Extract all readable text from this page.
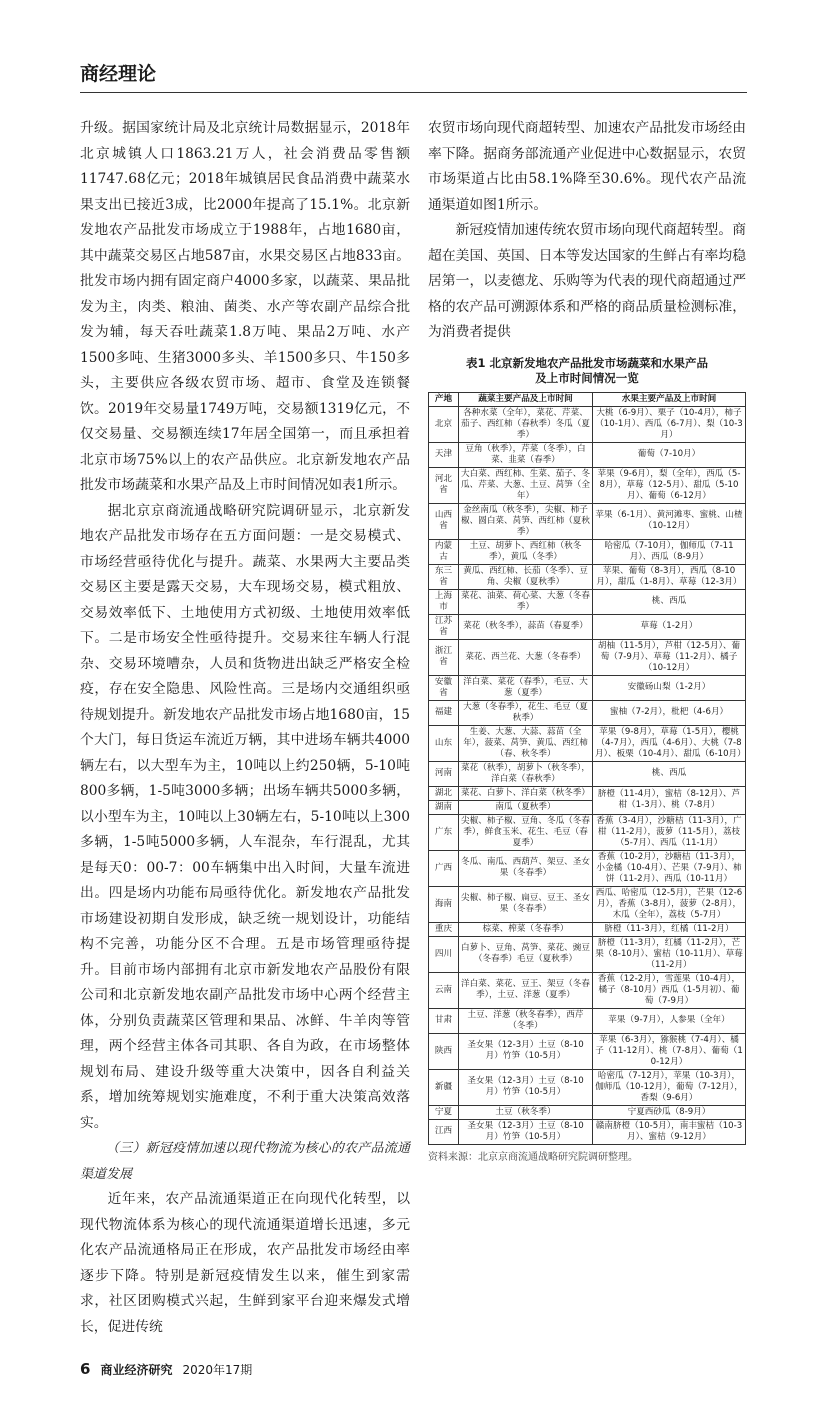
商经理论

升级。据国家统计局及北京统计局数据显示，2018年北京城镇人口1863.21万人，社会消费品零售额11747.68亿元；2018年城镇居民食品消费中蔬菜水果支出已接近3成，比2000年提高了15.1%。北京新发地农产品批发市场成立于1988年，占地1680亩，其中蔬菜交易区占地587亩，水果交易区占地833亩。批发市场内拥有固定商户4000多家，以蔬菜、果品批发为主，肉类、粮油、菌类、水产等农副产品综合批发为辅，每天吞吐蔬菜1.8万吨、果品2万吨、水产1500多吨、生猪3000多头、羊1500多只、牛150多头，主要供应各级农贸市场、超市、食堂及连锁餐饮。2019年交易量1749万吨，交易额1319亿元，不仅交易量、交易额连续17年居全国第一，而且承担着北京市场75%以上的农产品供应。北京新发地农产品批发市场蔬菜和水果产品及上市时间情况如表1所示。

据北京京商流通战略研究院调研显示，北京新发地农产品批发市场存在五方面问题：一是交易模式、市场经营亟待优化与提升。蔬菜、水果两大主要品类交易区主要是露天交易，大车现场交易，模式粗放、交易效率低下、土地使用方式初级、土地使用效率低下。二是市场安全性亟待提升。交易来往车辆人行混杂、交易环境嘈杂，人员和货物进出缺乏严格安全检疫，存在安全隐患、风险性高。三是场内交通组织亟待规划提升。新发地农产品批发市场占地1680亩，15个大门，每日货运车流近万辆，其中进场车辆共4000辆左右，以大型车为主，10吨以上约250辆，5-10吨800多辆，1-5吨3000多辆；出场车辆共5000多辆，以小型车为主，10吨以上30辆左右，5-10吨以上300多辆，1-5吨5000多辆，人车混杂，车行混乱，尤其是每天0：00-7：00车辆集中出入时间，大量车流进出。四是场内功能布局亟待优化。新发地农产品批发市场建设初期自发形成，缺乏统一规划设计，功能结构不完善，功能分区不合理。五是市场管理亟待提升。目前市场内部拥有北京市新发地农产品股份有限公司和北京新发地农副产品批发市场中心两个经营主体，分别负责蔬菜区管理和果品、冰鲜、牛羊肉等管理，两个经营主体各司其职、各自为政，在市场整体规划布局、建设升级等重大决策中，因各自利益关系，增加统筹规划实施难度，不利于重大决策高效落实。

（三）新冠疫情加速以现代物流为核心的农产品流通渠道发展

近年来，农产品流通渠道正在向现代化转型，以现代物流体系为核心的现代流通渠道增长迅速，多元化农产品流通格局正在形成，农产品批发市场经由率逐步下降。特别是新冠疫情发生以来，催生到家需求，社区团购模式兴起，生鲜到家平台迎来爆发式增长，促进传统

农贸市场向现代商超转型、加速农产品批发市场经由率下降。据商务部流通产业促进中心数据显示，农贸市场渠道占比由58.1%降至30.6%。现代农产品流通渠道如图1所示。

新冠疫情加速传统农贸市场向现代商超转型。商超在美国、英国、日本等发达国家的生鲜占有率均稳居第一，以麦德龙、乐购等为代表的现代商超通过严格的农产品可溯源体系和严格的商品质量检测标准，为消费者提供

表1 北京新发地农产品批发市场蔬菜和水果产品
及上市时间情况一览
产地	蔬菜主要产品及上市时间	水果主要产品及上市时间
北京	各种水菜（全年），菜花、芹菜、茄子、西红柿（春秋季）冬瓜（夏季）	大桃（6-9月）、栗子（10-4月），柿子（10-1月）、西瓜（6-7月）、梨（10-3月）
天津	豆角（秋季），芹菜（冬季），白菜、韭菜（春季）	葡萄（7-10月）
河北省	大白菜、西红柿、生菜、茄子、冬瓜、芹菜、大葱、土豆、莴笋（全年）	苹果（9-6月），梨（全年），西瓜（5-8月），草莓（12-5月）、甜瓜（5-10月）、葡萄（6-12月）
山西省	金丝南瓜（秋冬季），尖椒、柿子椒、圆白菜、莴笋、西红柿（夏秋季）	苹果（6-1月）、黄河滩枣、蜜桃、山楂（10-12月）
内蒙古	土豆、胡萝卜、西红柿（秋冬季），黄瓜（冬季）	哈密瓜（7-10月），伽师瓜（7-11月）、西瓜（8-9月）
东三省	黄瓜、西红柿、长茄（冬季）、豆角、尖椒（夏秋季）	苹果、葡萄（8-3月），西瓜（8-10月），甜瓜（1-8月）、草莓（12-3月）
上海市	菜花、油菜、荷心菜、大葱（冬春季）	桃、西瓜
江苏省	菜花（秋冬季），蒜苗（春夏季）	草莓（1-2月）
浙江省	菜花、西兰花、大葱（冬春季）	胡柚（11-5月），芦柑（12-5月）、葡萄（7-9月）、草莓（11-2月）、橘子（10-12月）
安徽省	洋白菜、菜花（春季），毛豆、大葱（夏季）	安徽砀山梨（1-2月）
福建	大葱（冬春季），花生、毛豆（夏秋季）	蜜柚（7-2月），枇杷（4-6月）
山东	生姜、大葱、大蒜、蒜苗（全年），菠菜、莴笋、黄瓜、西红柿（春、秋冬季）	苹果（9-8月），草莓（1-5月），樱桃（4-7月），西瓜（4-6月）、大桃（7-8月）、板栗（10-4月）、甜瓜（6-10月）
河南	菜花（秋季），胡萝卜（秋冬季），洋白菜（春秋季）	桃、西瓜
湖北	菜花、白萝卜、洋白菜（秋冬季）	脐橙（11-4月），蜜桔（8-12月）、芦柑（1-3月）、桃（7-8月）
湖南	南瓜（夏秋季）	
广东	尖椒、柿子椒、豆角、冬瓜（冬春季），鲜食玉米、花生、毛豆（春夏季）	香蕉（3-4月），沙糖桔（11-3月），广柑（11-2月），菠萝（11-5月），荔枝（5-7月）、西瓜（11-1月）
广西	冬瓜、南瓜、西葫芦、架豆、圣女果（冬春季）	香蕉（10-2月），沙糖桔（11-3月），小金橘（10-4月）、芒果（7-9月）、柿饼（11-2月）、西瓜（10-11月）
海南	尖椒、柿子椒、扁豆、豆王、圣女果（冬春季）	西瓜、哈密瓜（12-5月），芒果（12-6月），香蕉（3-8月），菠萝（2-8月），木瓜（全年），荔枝（5-7月）
重庆	棕菜、榨菜（冬春季）	脐橙（11-3月），红橘（11-2月）
四川	白萝卜、豆角、莴笋、菜花、豌豆（冬春季）毛豆（夏秋季）	脐橙（11-3月），红橘（11-2月），芒果（8-10月）、蜜桔（10-11月）、草莓（11-2月）
云南	洋白菜、菜花、豆王、架豆（冬春季），土豆、洋葱（夏季）	香蕉（12-2月），雪莲果（10-4月），橘子（8-10月）西瓜（1-5月初）、葡萄（7-9月）
甘肃	土豆、洋葱（秋冬春季），西芹（冬季）	苹果（9-7月），人参果（全年）
陕西	圣女果（12-3月）土豆（8-10月）竹笋（10-5月）	苹果（6-3月），猕猴桃（7-4月）、橘子（11-12月）、桃（7-8月）、葡萄（10-12月）
新疆	圣女果（12-3月）土豆（8-10月）竹笋（10-5月）	哈密瓜（7-12月），苹果（10-3月），伽师瓜（10-12月），葡萄（7-12月），香梨（9-6月）
宁夏	土豆（秋冬季）	宁夏西砂瓜（8-9月）
江西	圣女果（12-3月）土豆（8-10月）竹笋（10-5月）	赣南脐橙（10-5月），南丰蜜桔（10-3月）、蜜桔（9-12月）
资料来源：北京京商流通战略研究院调研整理。
6 商业经济研究 2020年17期
